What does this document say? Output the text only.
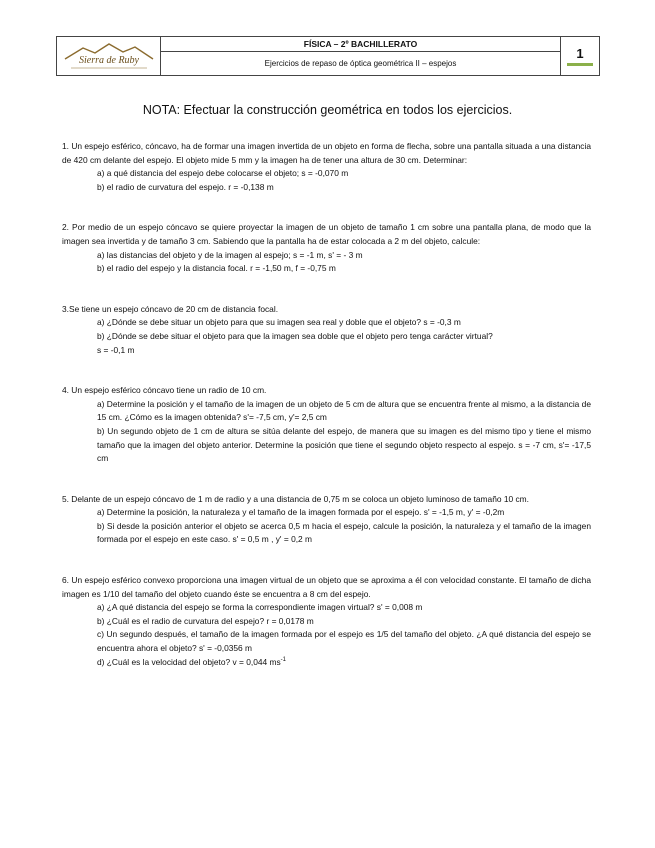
Sierra de Ruby
FÍSICA – 2º BACHILLERATO
Ejercicios de repaso de óptica geométrica II – espejos
1
NOTA: Efectuar la construcción geométrica en todos los ejercicios.

1. Un espejo esférico, cóncavo, ha de formar una imagen invertida de un objeto en forma de flecha, sobre una pantalla situada a una distancia de 420 cm delante del espejo. El objeto mide 5 mm y la imagen ha de tener una altura de 30 cm. Determinar:

a) a qué distancia del espejo debe colocarse el objeto; s = -0,070 m
b) el radio de curvatura del espejo. r = -0,138 m

2. Por medio de un espejo cóncavo se quiere proyectar la imagen de un objeto de tamaño 1 cm sobre una pantalla plana, de modo que la imagen sea invertida y de tamaño 3 cm. Sabiendo que la pantalla ha de estar colocada a 2 m del objeto, calcule:

a) las distancias del objeto y de la imagen al espejo; s = -1 m, s' = - 3 m
b) el radio del espejo y la distancia focal. r = -1,50 m, f = -0,75 m

3.Se tiene un espejo cóncavo de 20 cm de distancia focal.

a) ¿Dónde se debe situar un objeto para que su imagen sea real y doble que el objeto? s = -0,3 m
b) ¿Dónde se debe situar el objeto para que la imagen sea doble que el objeto pero tenga carácter virtual?
s = -0,1 m

4. Un espejo esférico cóncavo tiene un radio de 10 cm.

a) Determine la posición y el tamaño de la imagen de un objeto de 5 cm de altura que se encuentra frente al mismo, a la distancia de 15 cm. ¿Cómo es la imagen obtenida? s'= -7,5 cm, y'= 2,5 cm
b) Un segundo objeto de 1 cm de altura se sitúa delante del espejo, de manera que su imagen es del mismo tipo y tiene el mismo tamaño que la imagen del objeto anterior. Determine la posición que tiene el segundo objeto respecto al espejo. s = -7 cm, s'= -17,5 cm

5. Delante de un espejo cóncavo de 1 m de radio y a una distancia de 0,75 m se coloca un objeto luminoso de tamaño 10 cm.

a) Determine la posición, la naturaleza y el tamaño de la imagen formada por el espejo. s' = -1,5 m, y' = -0,2m
b) Si desde la posición anterior el objeto se acerca 0,5 m hacia el espejo, calcule la posición, la naturaleza y el tamaño de la imagen formada por el espejo en este caso. s' = 0,5 m , y' = 0,2 m

6. Un espejo esférico convexo proporciona una imagen virtual de un objeto que se aproxima a él con velocidad constante. El tamaño de dicha imagen es 1/10 del tamaño del objeto cuando éste se encuentra a 8 cm del espejo.

a) ¿A qué distancia del espejo se forma la correspondiente imagen virtual? s' = 0,008 m
b) ¿Cuál es el radio de curvatura del espejo? r = 0,0178 m
c) Un segundo después, el tamaño de la imagen formada por el espejo es 1/5 del tamaño del objeto. ¿A qué distancia del espejo se encuentra ahora el objeto? s' = -0,0356 m
d) ¿Cuál es la velocidad del objeto? v = 0,044 $ms^{-1}$
